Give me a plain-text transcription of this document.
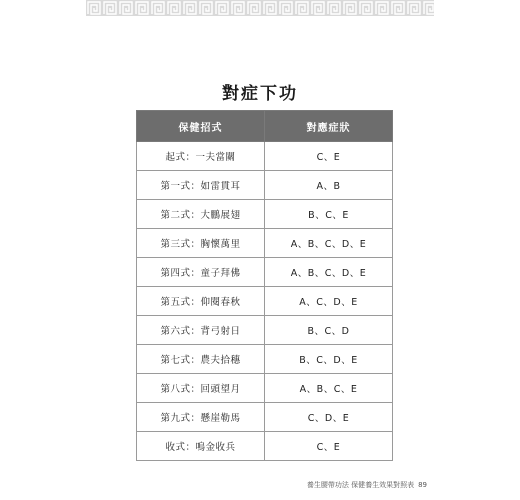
對症下功
保健招式	對應症狀
起式：一夫當關	C、E
第一式：如雷貫耳	A、B
第二式：大鵬展翅	B、C、E
第三式：胸懷萬里	A、B、C、D、E
第四式：童子拜佛	A、B、C、D、E
第五式：仰閱春秋	A、C、D、E
第六式：背弓射日	B、C、D
第七式：農夫拾穗	B、C、D、E
第八式：回頭望月	A、B、C、E
第九式：懸崖勒馬	C、D、E
收式：鳴金收兵	C、E
養生腰帶功法 保健養生效果對照表 89
